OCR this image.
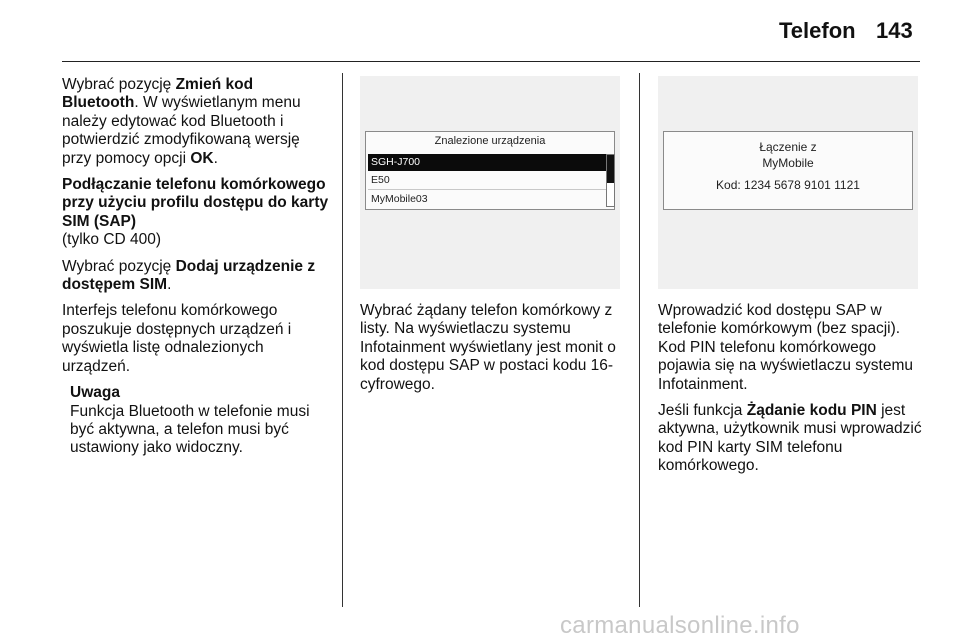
Telefon 143

Wybrać pozycję Zmień kod Bluetooth. W wyświetlanym menu należy edytować kod Bluetooth i potwierdzić zmodyfikowaną wersję przy pomocy opcji OK.

Podłączanie telefonu komórkowego przy użyciu profilu dostępu do karty SIM (SAP)

(tylko CD 400)

Wybrać pozycję Dodaj urządzenie z dostępem SIM.

Interfejs telefonu komórkowego poszukuje dostępnych urządzeń i wyświetla listę odnalezionych urządzeń.

Uwaga
Funkcja Bluetooth w telefonie musi być aktywna, a telefon musi być ustawiony jako widoczny.
Znalezione urządzenia
SGH-J700
E50
MyMobile03

Wybrać żądany telefon komórkowy z listy. Na wyświetlaczu systemu Infotainment wyświetlany jest monit o kod dostępu SAP w postaci kodu 16-cyfrowego.

Łączenie z
MyMobile
Kod: 1234 5678 9101 1121

Wprowadzić kod dostępu SAP w telefonie komórkowym (bez spacji). Kod PIN telefonu komórkowego pojawia się na wyświetlaczu systemu Infotainment.

Jeśli funkcja Żądanie kodu PIN jest aktywna, użytkownik musi wprowadzić kod PIN karty SIM telefonu komórkowego.

carmanualsonline.info
